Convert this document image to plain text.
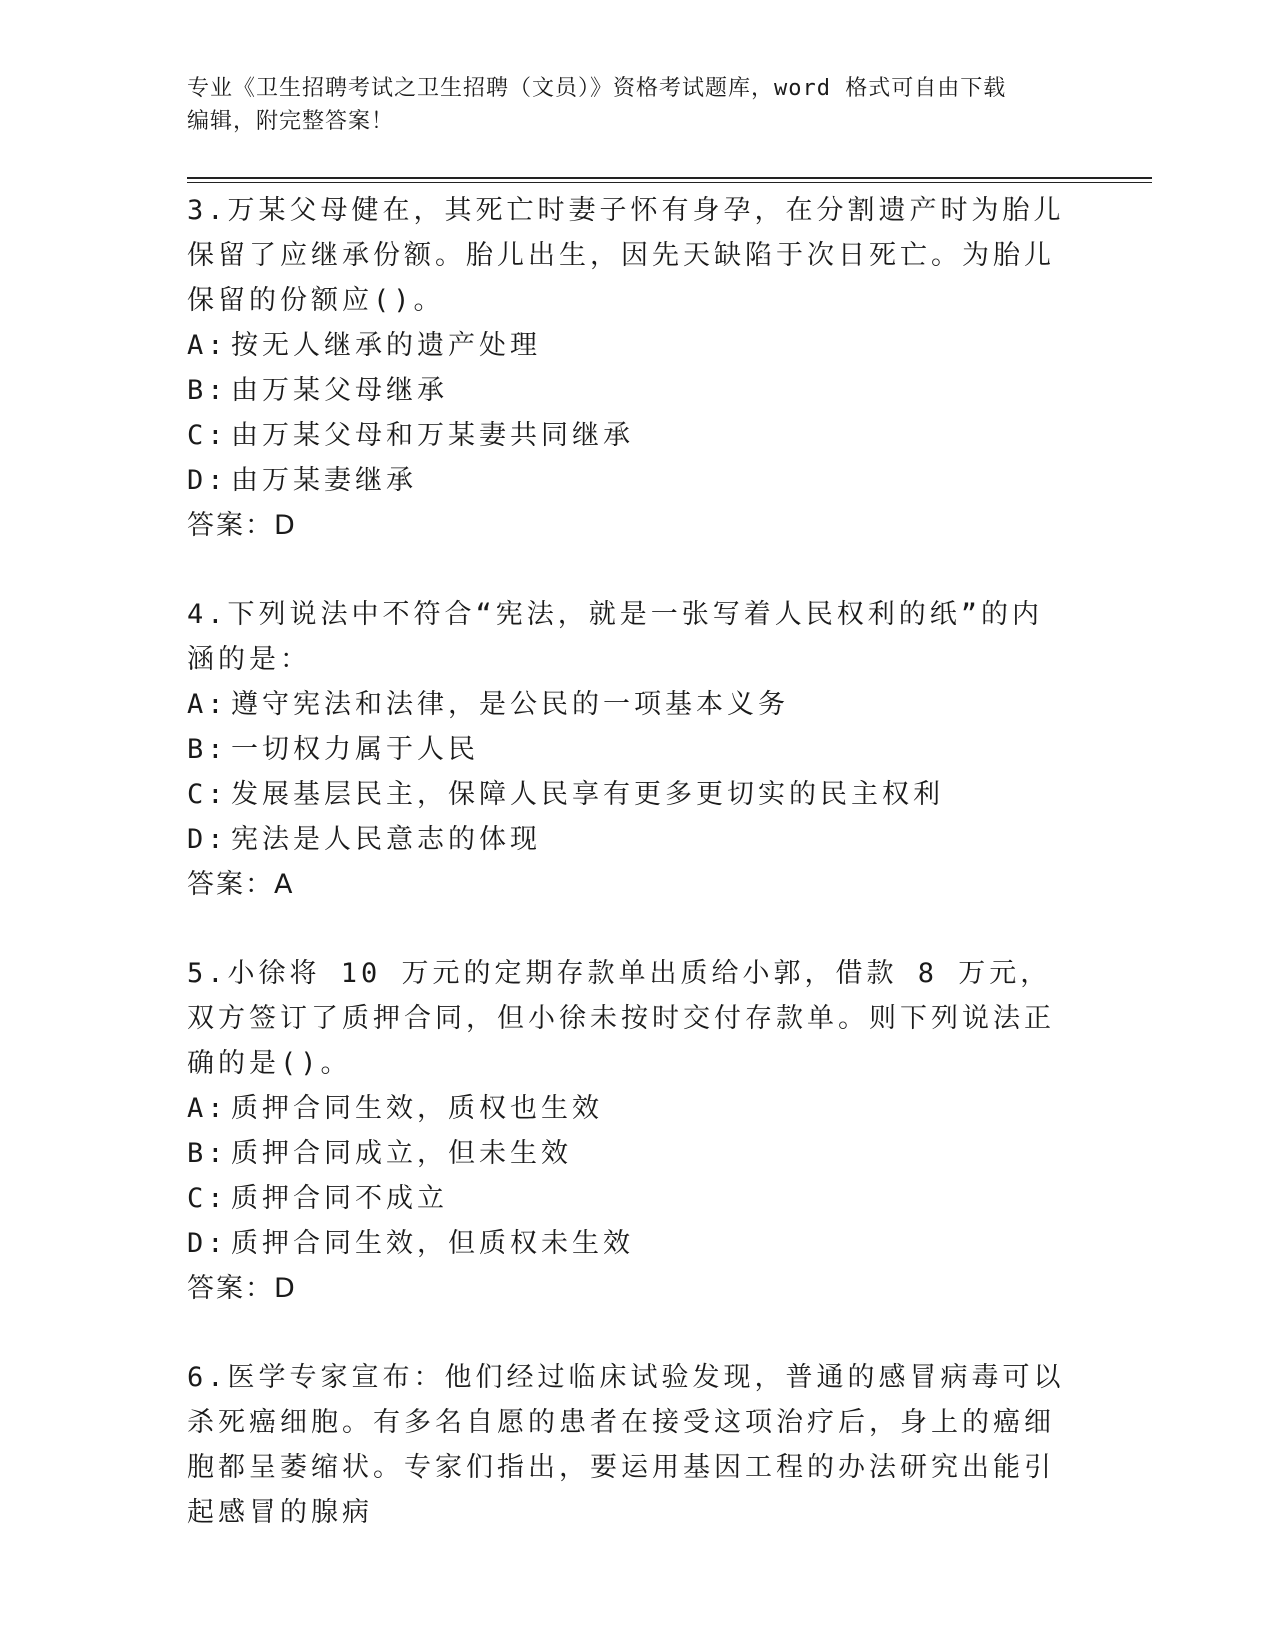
专业《卫生招聘考试之卫生招聘（文员）》资格考试题库，word 格式可自由下载
编辑，附完整答案！
3.万某父母健在，其死亡时妻子怀有身孕，在分割遗产时为胎儿保留了应继承份额。胎儿出生，因先天缺陷于次日死亡。为胎儿保留的份额应()。
A: 按无人继承的遗产处理
B: 由万某父母继承
C: 由万某父母和万某妻共同继承
D: 由万某妻继承
答案：D
4.下列说法中不符合“宪法，就是一张写着人民权利的纸”的内涵的是：
A: 遵守宪法和法律，是公民的一项基本义务
B: 一切权力属于人民
C: 发展基层民主，保障人民享有更多更切实的民主权利
D: 宪法是人民意志的体现
答案：A
5.小徐将 10 万元的定期存款单出质给小郭，借款 8 万元，双方签订了质押合同，但小徐未按时交付存款单。则下列说法正确的是()。
A: 质押合同生效，质权也生效
B: 质押合同成立，但未生效
C: 质押合同不成立
D: 质押合同生效，但质权未生效
答案：D
6.医学专家宣布：他们经过临床试验发现，普通的感冒病毒可以杀死癌细胞。有多名自愿的患者在接受这项治疗后，身上的癌细胞都呈萎缩状。专家们指出，要运用基因工程的办法研究出能引起感冒的腺病
